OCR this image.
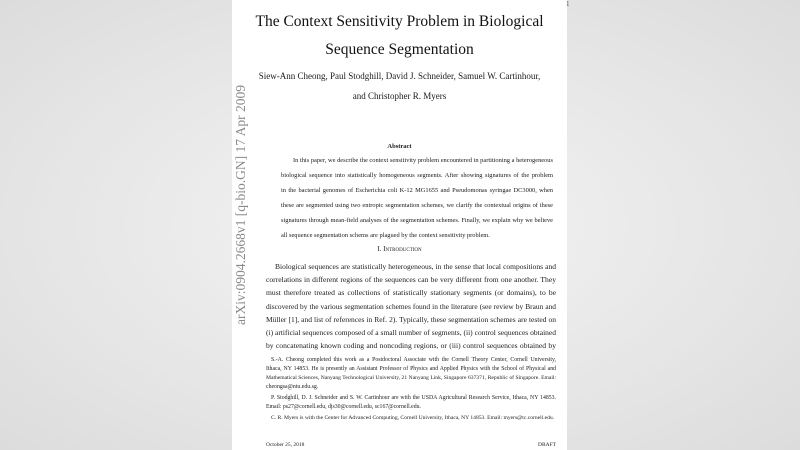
1
arXiv:0904.2668v1 [q-bio.GN] 17 Apr 2009
The Context Sensitivity Problem in Biological
Sequence Segmentation
Siew-Ann Cheong, Paul Stodghill, David J. Schneider, Samuel W. Cartinhour,
and Christopher R. Myers
Abstract
In this paper, we describe the context sensitivity problem encountered in partitioning a heterogeneous
biological sequence into statistically homogeneous segments. After showing signatures of the problem
in the bacterial genomes of Escherichia coli K-12 MG1655 and Pseudomonas syringae DC3000, when
these are segmented using two entropic segmentation schemes, we clarify the contextual origins of these
signatures through mean-field analyses of the segmentation schemes. Finally, we explain why we believe
all sequence segmentation schems are plagued by the context sensitivity problem.
I. Introduction
Biological sequences are statistically heterogeneous, in the sense that local compositions and
correlations in different regions of the sequences can be very different from one another. They
must therefore treated as collections of statistically stationary segments (or domains), to be
discovered by the various segmentation schemes found in the literature (see review by Braun and
Müller [1], and list of references in Ref. 2). Typically, these segmentation schemes are tested on
(i) artificial sequences composed of a small number of segments, (ii) control sequences obtained
by concatenating known coding and noncoding regions, or (iii) control sequences obtained by
S.-A. Cheong completed this work as a Postdoctoral Associate with the Cornell Theory Center, Cornell University,
Ithaca, NY 14853. He is presently an Assistant Professor of Physics and Applied Physics with the School of Physical and
Mathematical Sciences, Nanyang Technological University, 21 Nanyang Link, Singapore 637371, Republic of Singapore. Email:
cheongsa@ntu.edu.sg.
P. Stodghill, D. J. Schneider and S. W. Cartinhour are with the USDA Agricultural Research Service, Ithaca, NY 14853.
Email: ps27@cornell.edu, djs30@cornell.edu, sc167@cornell.edu.
C. R. Myers is with the Center for Advanced Computing, Cornell University, Ithaca, NY 14853. Email: myers@tc.cornell.edu.
October 25, 2018	DRAFT
